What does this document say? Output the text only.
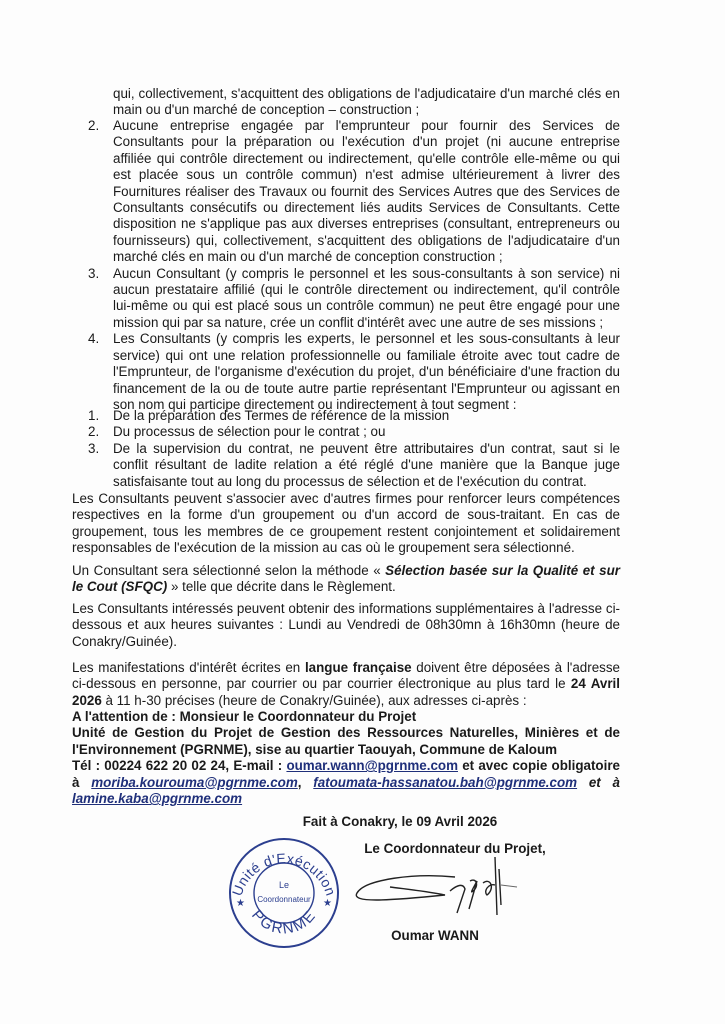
qui, collectivement, s'acquittent des obligations de l'adjudicataire d'un marché clés en main ou d'un marché de conception – construction ;
2. Aucune entreprise engagée par l'emprunteur pour fournir des Services de Consultants pour la préparation ou l'exécution d'un projet (ni aucune entreprise affiliée qui contrôle directement ou indirectement, qu'elle contrôle elle-même ou qui est placée sous un contrôle commun) n'est admise ultérieurement à livrer des Fournitures réaliser des Travaux ou fournit des Services Autres que des Services de Consultants consécutifs ou directement liés audits Services de Consultants. Cette disposition ne s'applique pas aux diverses entreprises (consultant, entrepreneurs ou fournisseurs) qui, collectivement, s'acquittent des obligations de l'adjudicataire d'un marché clés en main ou d'un marché de conception construction ;
3. Aucun Consultant (y compris le personnel et les sous-consultants à son service) ni aucun prestataire affilié (qui le contrôle directement ou indirectement, qu'il contrôle lui-même ou qui est placé sous un contrôle commun) ne peut être engagé pour une mission qui par sa nature, crée un conflit d'intérêt avec une autre de ses missions ;
4. Les Consultants (y compris les experts, le personnel et les sous-consultants à leur service) qui ont une relation professionnelle ou familiale étroite avec tout cadre de l'Emprunteur, de l'organisme d'exécution du projet, d'un bénéficiaire d'une fraction du financement de la ou de toute autre partie représentant l'Emprunteur ou agissant en son nom qui participe directement ou indirectement à tout segment :
1. De la préparation des Termes de référence de la mission
2. Du processus de sélection pour le contrat ; ou
3. De la supervision du contrat, ne peuvent être attributaires d'un contrat, saut si le conflit résultant de ladite relation a été réglé d'une manière que la Banque juge satisfaisante tout au long du processus de sélection et de l'exécution du contrat.

Les Consultants peuvent s'associer avec d'autres firmes pour renforcer leurs compétences respectives en la forme d'un groupement ou d'un accord de sous-traitant. En cas de groupement, tous les membres de ce groupement restent conjointement et solidairement responsables de l'exécution de la mission au cas où le groupement sera sélectionné.

Un Consultant sera sélectionné selon la méthode « Sélection basée sur la Qualité et sur le Cout (SFQC) » telle que décrite dans le Règlement.

Les Consultants intéressés peuvent obtenir des informations supplémentaires à l'adresse ci-dessous et aux heures suivantes : Lundi au Vendredi de 08h30mn à 16h30mn (heure de Conakry/Guinée).

Les manifestations d'intérêt écrites en langue française doivent être déposées à l'adresse ci-dessous en personne, par courrier ou par courrier électronique au plus tard le 24 Avril 2026 à 11 h-30 précises (heure de Conakry/Guinée), aux adresses ci-après :

A l'attention de : Monsieur le Coordonnateur du Projet
Unité de Gestion du Projet de Gestion des Ressources Naturelles, Minières et de l'Environnement (PGRNME), sise au quartier Taouyah, Commune de Kaloum
Tél : 00224 622 20 02 24, E-mail : oumar.wann@pgrnme.com et avec copie obligatoire à moriba.kourouma@pgrnme.com, fatoumata-hassanatou.bah@pgrnme.com et à lamine.kaba@pgrnme.com
Fait à Conakry, le 09 Avril 2026
Le Coordonnateur du Projet,
Unité d'Exécution
PGRNME
Le
Coordonnateur
★	★
Oumar WANN
